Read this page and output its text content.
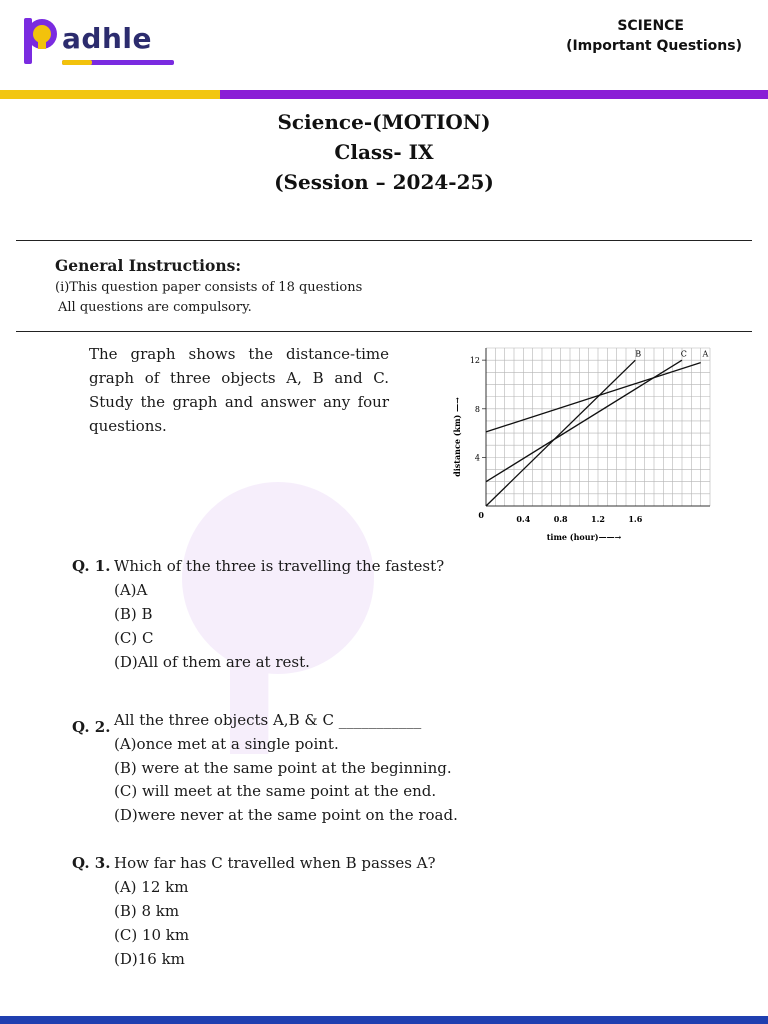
adhle	SCIENCE
(Important Questions)
Science-(MOTION)
Class- IX
(Session – 2024-25)
General Instructions:
(i)This question paper consists of 18 questions
All questions are compulsory.
The graph shows the distance-time graph of three objects A, B and C. Study the graph and answer any four questions.
4
8
12
0.4	0.8	1.2	1.6
0
time (hour)——→
distance (km) —→
B	C A
Q. 1. Which of the three is travelling the fastest?
(A)A
(B) B
(C) C
(D)All of them are at rest.
Q. 2. All the three objects A,B & C ___________
(A)once met at a single point.
(B) were at the same point at the beginning.
(C) will meet at the same point at the end.
(D)were never at the same point on the road.
Q. 3. How far has C travelled when B passes A?
(A) 12 km
(B) 8 km
(C) 10 km
(D)16 km
